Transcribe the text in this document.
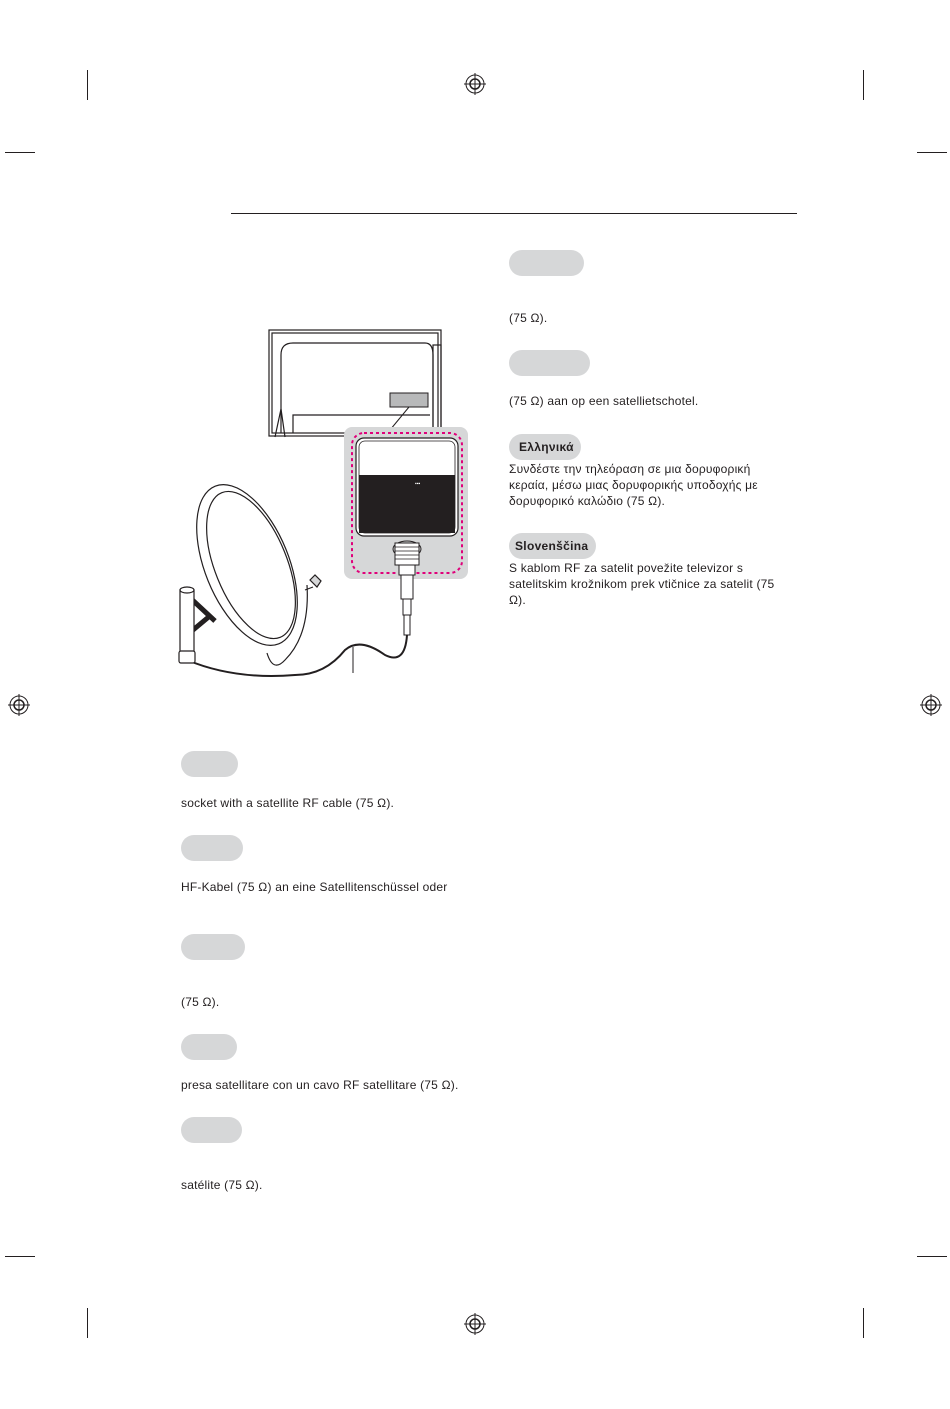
▪▪▪
(75 Ω).
(75 Ω) aan op een satellietschotel.
Ελληνικά
Συνδέστε την τηλεόραση σε μια δορυφορική
κεραία, μέσω μιας δορυφορικής υποδοχής με
δορυφορικό καλώδιο (75 Ω).
Slovenščina
S kablom RF za satelit povežite televizor s
satelitskim krožnikom prek vtičnice za satelit (75
Ω).
socket with a satellite RF cable (75 Ω).
HF-Kabel (75 Ω) an eine Satellitenschüssel oder
(75 Ω).
presa satellitare con un cavo RF satellitare (75 Ω).
satélite (75 Ω).
